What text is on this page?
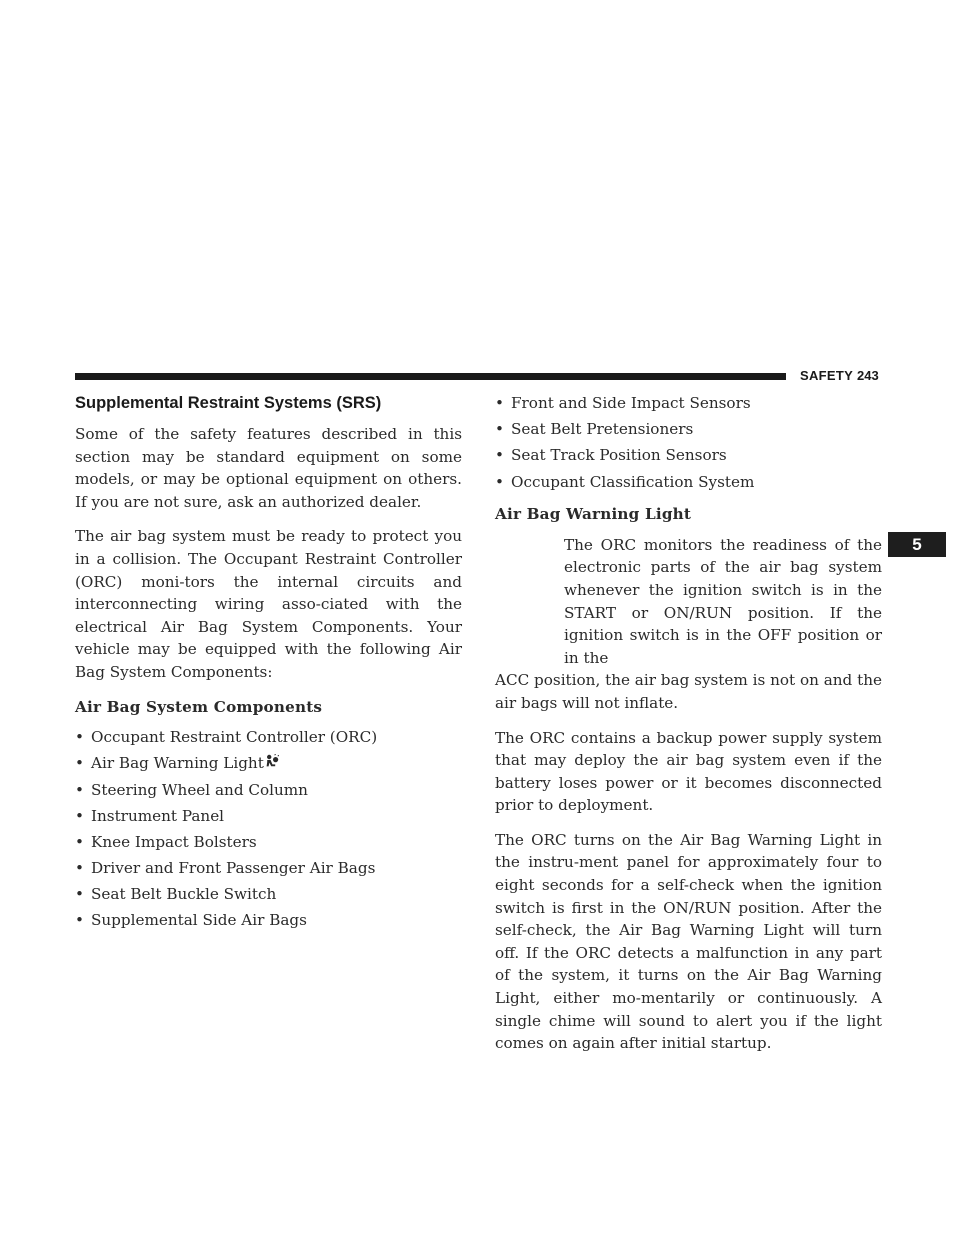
SAFETY 243
5
Supplemental Restraint Systems (SRS)

Some of the safety features described in this section may be standard equipment on some models, or may be optional equipment on others. If you are not sure, ask an authorized dealer.

The air bag system must be ready to protect you in a collision. The Occupant Restraint Controller (ORC) moni-tors the internal circuits and interconnecting wiring asso-ciated with the electrical Air Bag System Components. Your vehicle may be equipped with the following Air Bag System Components:

Air Bag System Components
• Occupant Restraint Controller (ORC)
• Air Bag Warning Light
• Steering Wheel and Column
• Instrument Panel
• Knee Impact Bolsters
• Driver and Front Passenger Air Bags
• Seat Belt Buckle Switch
• Supplemental Side Air Bags
• Front and Side Impact Sensors
• Seat Belt Pretensioners
• Seat Track Position Sensors
• Occupant Classification System
Air Bag Warning Light

The ORC monitors the readiness of the electronic parts of the air bag system whenever the ignition switch is in the START or ON/RUN position. If the ignition switch is in the OFF position or in the
ACC position, the air bag system is not on and the air bags will not inflate.

The ORC contains a backup power supply system that may deploy the air bag system even if the battery loses power or it becomes disconnected prior to deployment.

The ORC turns on the Air Bag Warning Light in the instru-ment panel for approximately four to eight seconds for a self-check when the ignition switch is first in the ON/RUN position. After the self-check, the Air Bag Warning Light will turn off. If the ORC detects a malfunction in any part of the system, it turns on the Air Bag Warning Light, either mo-mentarily or continuously. A single chime will sound to alert you if the light comes on again after initial startup.
